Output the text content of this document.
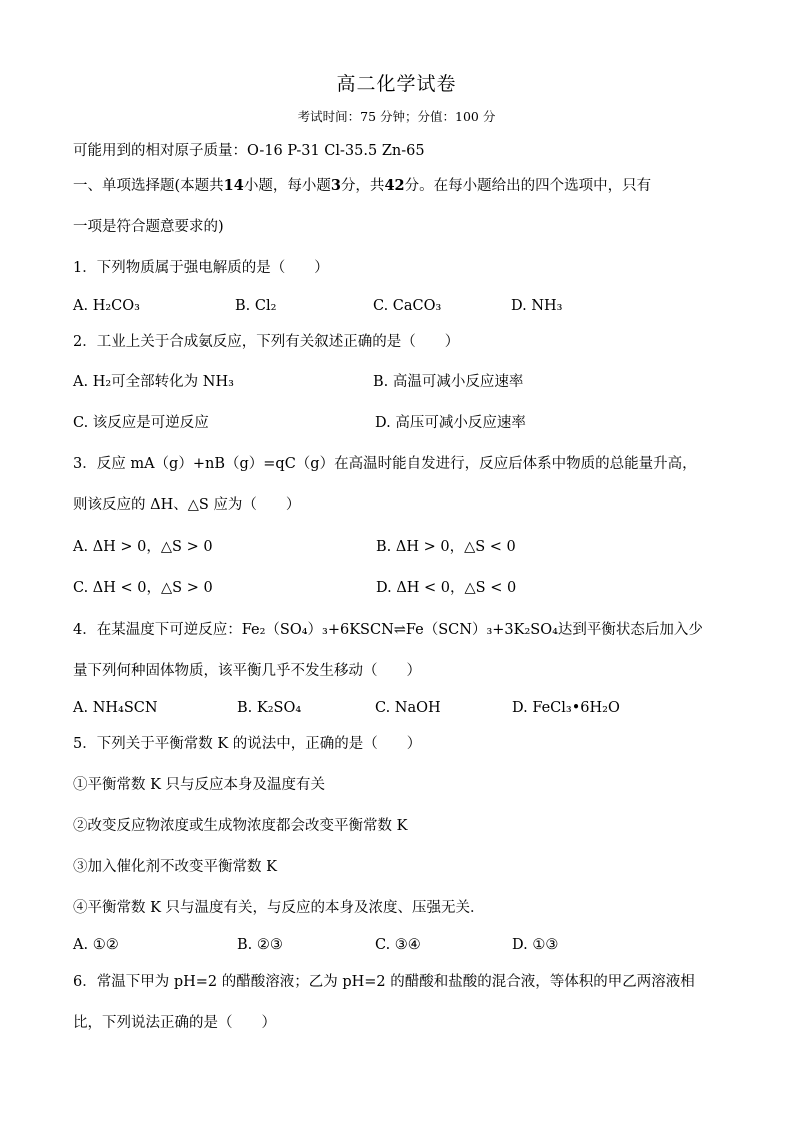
高二化学试卷
考试时间：75 分钟；分值：100 分
可能用到的相对原子质量：O-16 P-31 Cl-35.5 Zn-65
一、单项选择题(本题共14小题，每小题3分，共42分。在每小题给出的四个选项中，只有
一项是符合题意要求的)
1．下列物质属于强电解质的是（　　）
A. H₂CO₃	B. Cl₂	C. CaCO₃	D. NH₃
2．工业上关于合成氨反应，下列有关叙述正确的是（　　）
A. H₂可全部转化为 NH₃	B. 高温可减小反应速率
C. 该反应是可逆反应	D. 高压可减小反应速率
3．反应 mA（g）+nB（g）=qC（g）在高温时能自发进行，反应后体系中物质的总能量升高，
则该反应的 ΔH、△S 应为（　　）
A. ΔH > 0，△S > 0	B. ΔH > 0，△S < 0
C. ΔH < 0，△S > 0	D. ΔH < 0，△S < 0
4．在某温度下可逆反应：Fe₂（SO₄）₃+6KSCN⇌Fe（SCN）₃+3K₂SO₄达到平衡状态后加入少
量下列何种固体物质，该平衡几乎不发生移动（　　）
A. NH₄SCN	B. K₂SO₄	C. NaOH	D. FeCl₃•6H₂O
5．下列关于平衡常数 K 的说法中，正确的是（　　）
①平衡常数 K 只与反应本身及温度有关
②改变反应物浓度或生成物浓度都会改变平衡常数 K
③加入催化剂不改变平衡常数 K
④平衡常数 K 只与温度有关，与反应的本身及浓度、压强无关．
A. ①②	B. ②③	C. ③④	D. ①③
6．常温下甲为 pH=2 的醋酸溶液；乙为 pH=2 的醋酸和盐酸的混合液，等体积的甲乙两溶液相
比，下列说法正确的是（　　）
